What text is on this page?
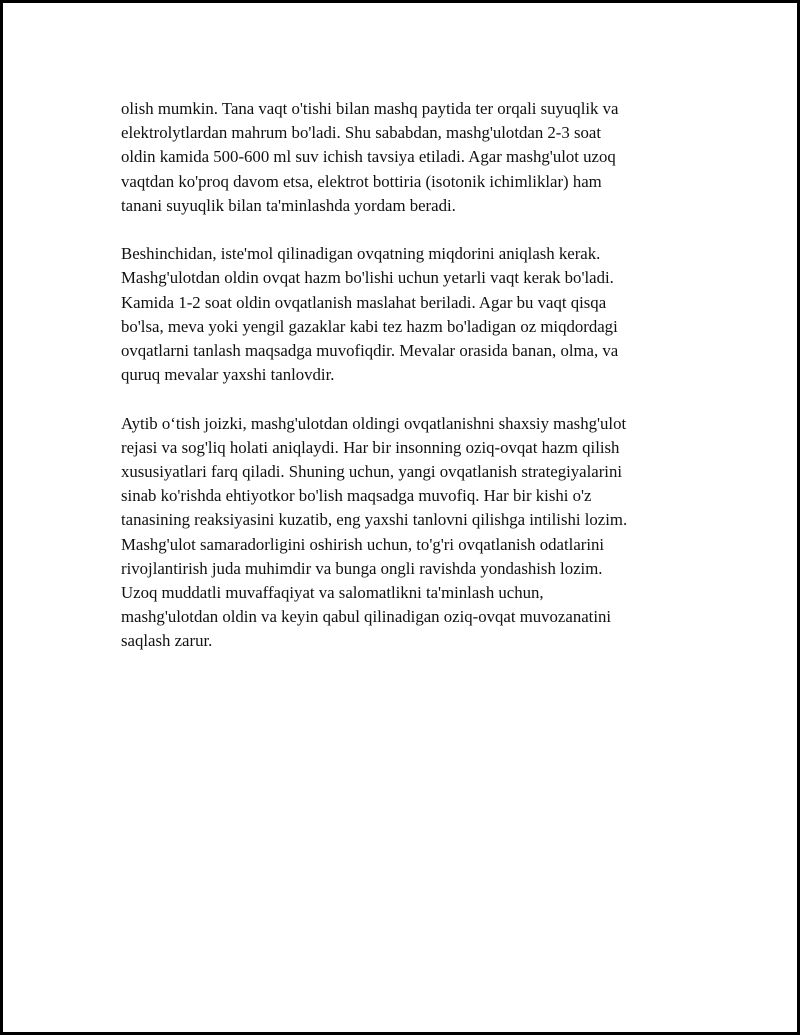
olish mumkin. Tana vaqt o'tishi bilan mashq paytida ter orqali suyuqlik va
elektrolytlardan mahrum bo'ladi. Shu sababdan, mashg'ulotdan 2-3 soat
oldin kamida 500-600 ml suv ichish tavsiya etiladi. Agar mashg'ulot uzoq
vaqtdan ko'proq davom etsa, elektrot bottiria (isotonik ichimliklar) ham
tanani suyuqlik bilan ta'minlashda yordam beradi.

Beshinchidan, iste'mol qilinadigan ovqatning miqdorini aniqlash kerak.
Mashg'ulotdan oldin ovqat hazm bo'lishi uchun yetarli vaqt kerak bo'ladi.
Kamida 1-2 soat oldin ovqatlanish maslahat beriladi. Agar bu vaqt qisqa
bo'lsa, meva yoki yengil gazaklar kabi tez hazm bo'ladigan oz miqdordagi
ovqatlarni tanlash maqsadga muvofiqdir. Mevalar orasida banan, olma, va
quruq mevalar yaxshi tanlovdir.

Aytib o‘tish joizki, mashg'ulotdan oldingi ovqatlanishni shaxsiy mashg'ulot
rejasi va sog'liq holati aniqlaydi. Har bir insonning oziq-ovqat hazm qilish
xususiyatlari farq qiladi. Shuning uchun, yangi ovqatlanish strategiyalarini
sinab ko'rishda ehtiyotkor bo'lish maqsadga muvofiq. Har bir kishi o'z
tanasining reaksiyasini kuzatib, eng yaxshi tanlovni qilishga intilishi lozim.
Mashg'ulot samaradorligini oshirish uchun, to'g'ri ovqatlanish odatlarini
rivojlantirish juda muhimdir va bunga ongli ravishda yondashish lozim.
Uzoq muddatli muvaffaqiyat va salomatlikni ta'minlash uchun,
mashg'ulotdan oldin va keyin qabul qilinadigan oziq-ovqat muvozanatini
saqlash zarur.
